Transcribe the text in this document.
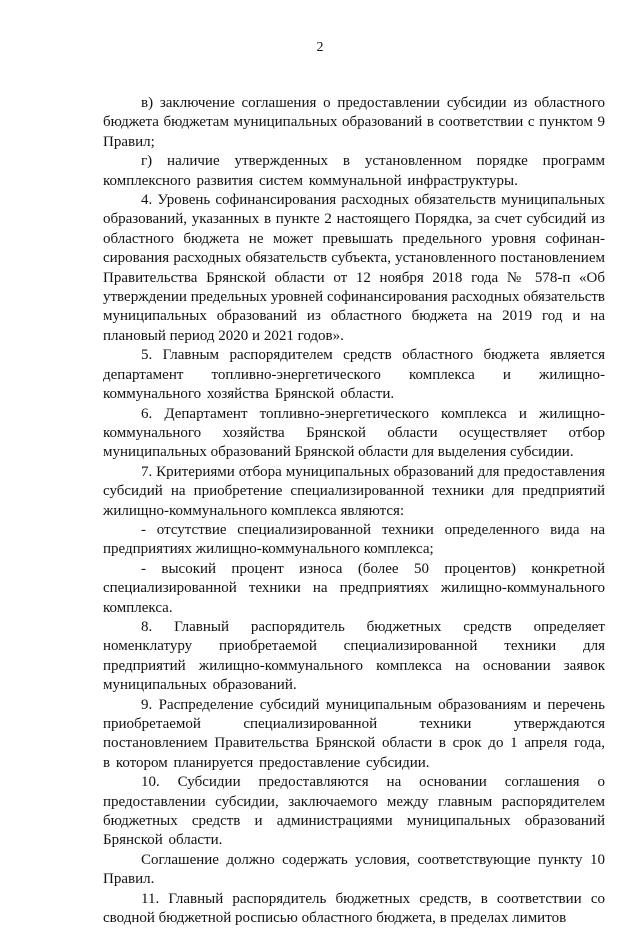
2

в) заключение соглашения о предоставлении субсидии из областного бюджета бюджетам муниципальных образований в соответствии с пунктом 9 Правил;

г) наличие утвержденных в установленном порядке программ комплексного развития систем коммунальной инфраструктуры.

4. Уровень софинансирования расходных обязательств муниципальных образований, указанных в пункте 2 настоящего Порядка, за счет субсидий из областного бюджета не может превышать предельного уровня софинансирования расходных обязательств субъекта, установленного постановлением Правительства Брянской области от 12 ноября 2018 года № 578-п «Об утверждении предельных уровней софинансирования расходных обязательств муниципальных образований из областного бюджета на 2019 год и на плановый период 2020 и 2021 годов».

5. Главным распорядителем средств областного бюджета является департамент топливно-энергетического комплекса и жилищно-коммунального хозяйства Брянской области.

6. Департамент топливно-энергетического комплекса и жилищно-коммунального хозяйства Брянской области осуществляет отбор муниципальных образований Брянской области для выделения субсидии.

7. Критериями отбора муниципальных образований для предоставления субсидий на приобретение специализированной техники для предприятий жилищно-коммунального комплекса являются:

- отсутствие специализированной техники определенного вида на предприятиях жилищно-коммунального комплекса;

- высокий процент износа (более 50 процентов) конкретной специализированной техники на предприятиях жилищно-коммунального комплекса.

8. Главный распорядитель бюджетных средств определяет номенклатуру приобретаемой специализированной техники для предприятий жилищно-коммунального комплекса на основании заявок муниципальных образований.

9. Распределение субсидий муниципальным образованиям и перечень приобретаемой специализированной техники утверждаются постановлением Правительства Брянской области в срок до 1 апреля года, в котором планируется предоставление субсидии.

10. Субсидии предоставляются на основании соглашения о предоставлении субсидии, заключаемого между главным распорядителем бюджетных средств и администрациями муниципальных образований Брянской области.

Соглашение должно содержать условия, соответствующие пункту 10 Правил.

11. Главный распорядитель бюджетных средств, в соответствии со сводной бюджетной росписью областного бюджета, в пределах лимитов
